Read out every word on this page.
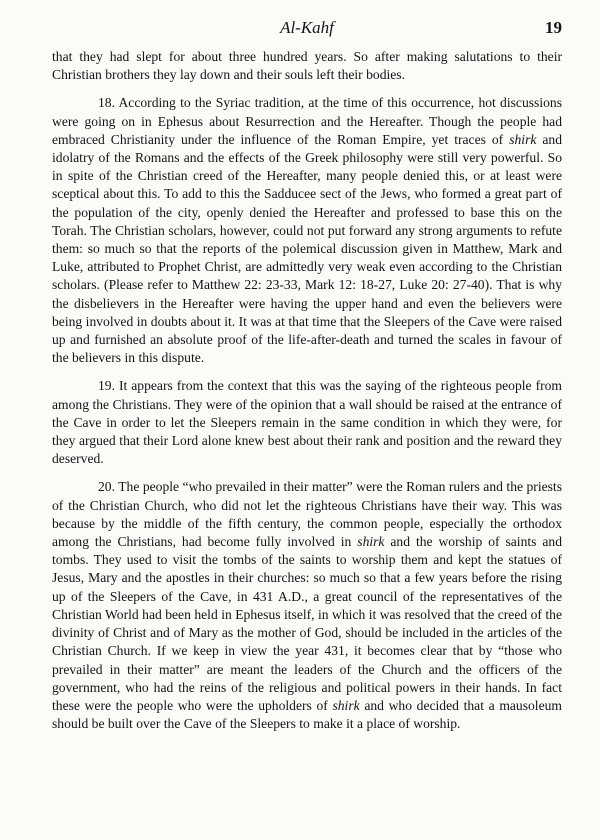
Al-Kahf	19

that they had slept for about three hundred years. So after making salutations to their Christian brothers they lay down and their souls left their bodies.

18. According to the Syriac tradition, at the time of this occurrence, hot discussions were going on in Ephesus about Resurrection and the Hereafter. Though the people had embraced Christianity under the influence of the Roman Empire, yet traces of shirk and idolatry of the Romans and the effects of the Greek philosophy were still very powerful. So in spite of the Christian creed of the Hereafter, many people denied this, or at least were sceptical about this. To add to this the Sadducee sect of the Jews, who formed a great part of the population of the city, openly denied the Hereafter and professed to base this on the Torah. The Christian scholars, however, could not put forward any strong arguments to refute them: so much so that the reports of the polemical discussion given in Matthew, Mark and Luke, attributed to Prophet Christ, are admittedly very weak even according to the Christian scholars. (Please refer to Matthew 22: 23-33, Mark 12: 18-27, Luke 20: 27-40). That is why the disbelievers in the Hereafter were having the upper hand and even the believers were being involved in doubts about it. It was at that time that the Sleepers of the Cave were raised up and furnished an absolute proof of the life-after-death and turned the scales in favour of the believers in this dispute.

19. It appears from the context that this was the saying of the righteous people from among the Christians. They were of the opinion that a wall should be raised at the entrance of the Cave in order to let the Sleepers remain in the same condition in which they were, for they argued that their Lord alone knew best about their rank and position and the reward they deserved.

20. The people “who prevailed in their matter” were the Roman rulers and the priests of the Christian Church, who did not let the righteous Christians have their way. This was because by the middle of the fifth century, the common people, especially the orthodox among the Christians, had become fully involved in shirk and the worship of saints and tombs. They used to visit the tombs of the saints to worship them and kept the statues of Jesus, Mary and the apostles in their churches: so much so that a few years before the rising up of the Sleepers of the Cave, in 431 A.D., a great council of the representatives of the Christian World had been held in Ephesus itself, in which it was resolved that the creed of the divinity of Christ and of Mary as the mother of God, should be included in the articles of the Christian Church. If we keep in view the year 431, it becomes clear that by “those who prevailed in their matter” are meant the leaders of the Church and the officers of the government, who had the reins of the religious and political powers in their hands. In fact these were the people who were the upholders of shirk and who decided that a mausoleum should be built over the Cave of the Sleepers to make it a place of worship.
